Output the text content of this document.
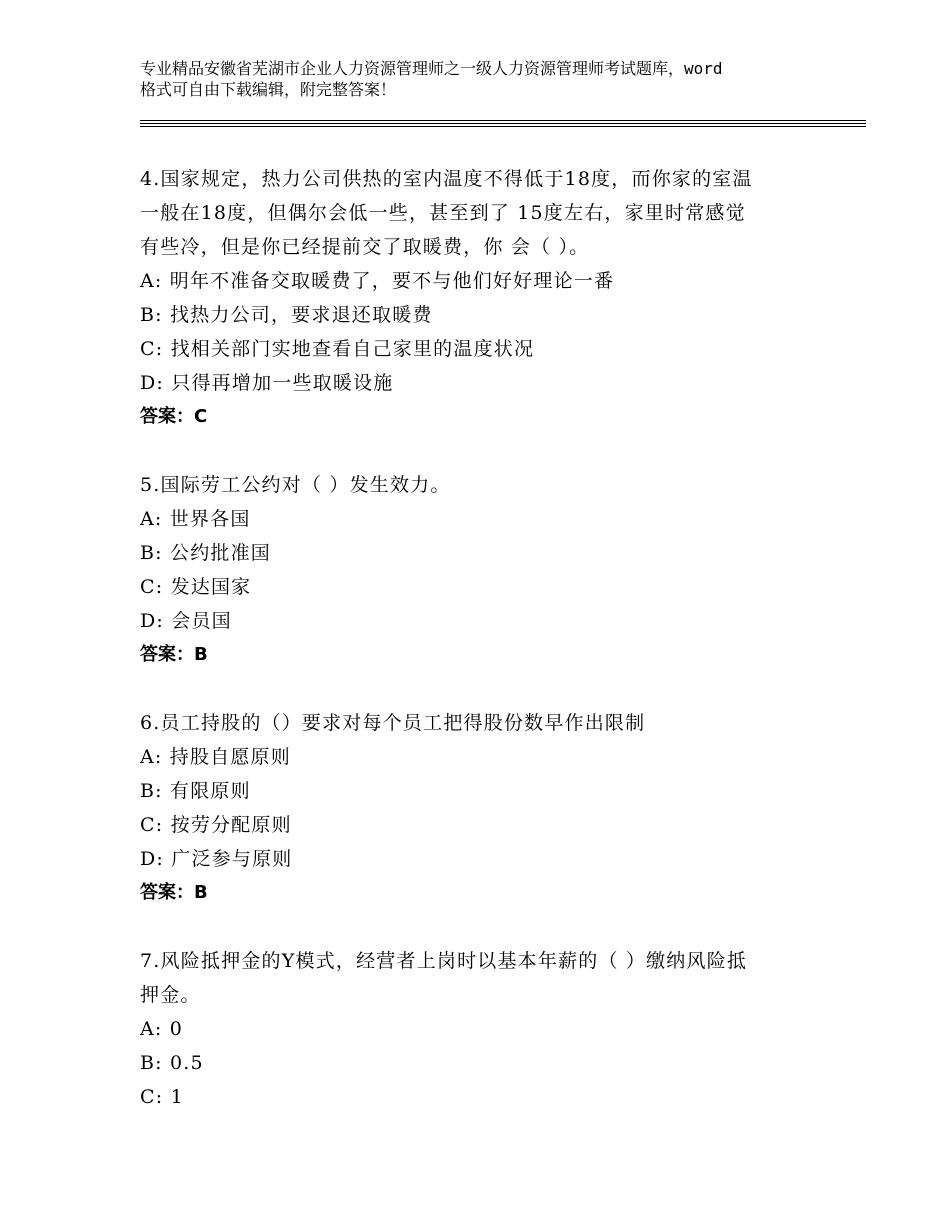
专业精品安徽省芜湖市企业人力资源管理师之一级人力资源管理师考试题库，word
格式可自由下载编辑，附完整答案！
4.国家规定，热力公司供热的室内温度不得低于18度，而你家的室温
一般在18度，但偶尔会低一些，甚至到了 15度左右，家里时常感觉
有些冷，但是你已经提前交了取暖费，你 会（ ）。
A: 明年不准备交取暖费了，要不与他们好好理论一番
B: 找热力公司，要求退还取暖费
C: 找相关部门实地查看自己家里的温度状况
D: 只得再增加一些取暖设施
答案：C
5.国际劳工公约对（ ）发生效力。
A: 世界各国
B: 公约批准国
C: 发达国家
D: 会员国
答案：B
6.员工持股的（）要求对每个员工把得股份数早作出限制
A: 持股自愿原则
B: 有限原则
C: 按劳分配原则
D: 广泛参与原则
答案：B
7.风险抵押金的Y模式，经营者上岗时以基本年薪的（ ）缴纳风险抵
押金。
A: 0
B: 0.5
C: 1
